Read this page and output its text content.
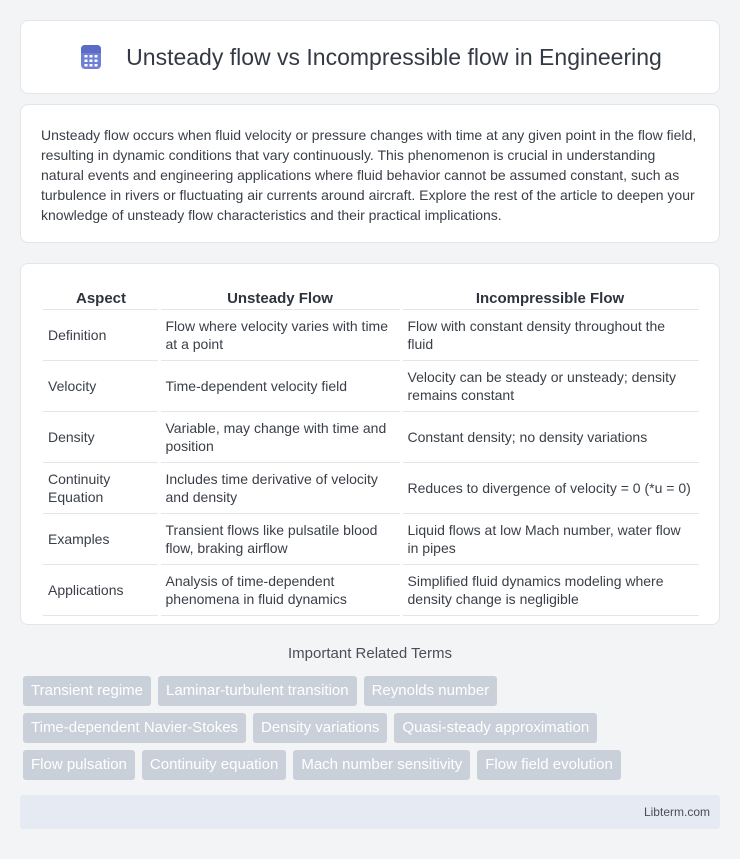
Unsteady flow vs Incompressible flow in Engineering

Unsteady flow occurs when fluid velocity or pressure changes with time at any given point in the flow field, resulting in dynamic conditions that vary continuously. This phenomenon is crucial in understanding natural events and engineering applications where fluid behavior cannot be assumed constant, such as turbulence in rivers or fluctuating air currents around aircraft. Explore the rest of the article to deepen your knowledge of unsteady flow characteristics and their practical implications.

Aspect	Unsteady Flow	Incompressible Flow
Definition	Flow where velocity varies with time at a point	Flow with constant density throughout the fluid
Velocity	Time-dependent velocity field	Velocity can be steady or unsteady; density remains constant
Density	Variable, may change with time and position	Constant density; no density variations
Continuity Equation	Includes time derivative of velocity and density	Reduces to divergence of velocity = 0 (*u = 0)
Examples	Transient flows like pulsatile blood flow, braking airflow	Liquid flows at low Mach number, water flow in pipes
Applications	Analysis of time-dependent phenomena in fluid dynamics	Simplified fluid dynamics modeling where density change is negligible
Important Related Terms
Transient regime	Laminar-turbulent transition	Reynolds number
Time-dependent Navier-Stokes	Density variations	Quasi-steady approximation
Flow pulsation	Continuity equation	Mach number sensitivity	Flow field evolution
Libterm.com
